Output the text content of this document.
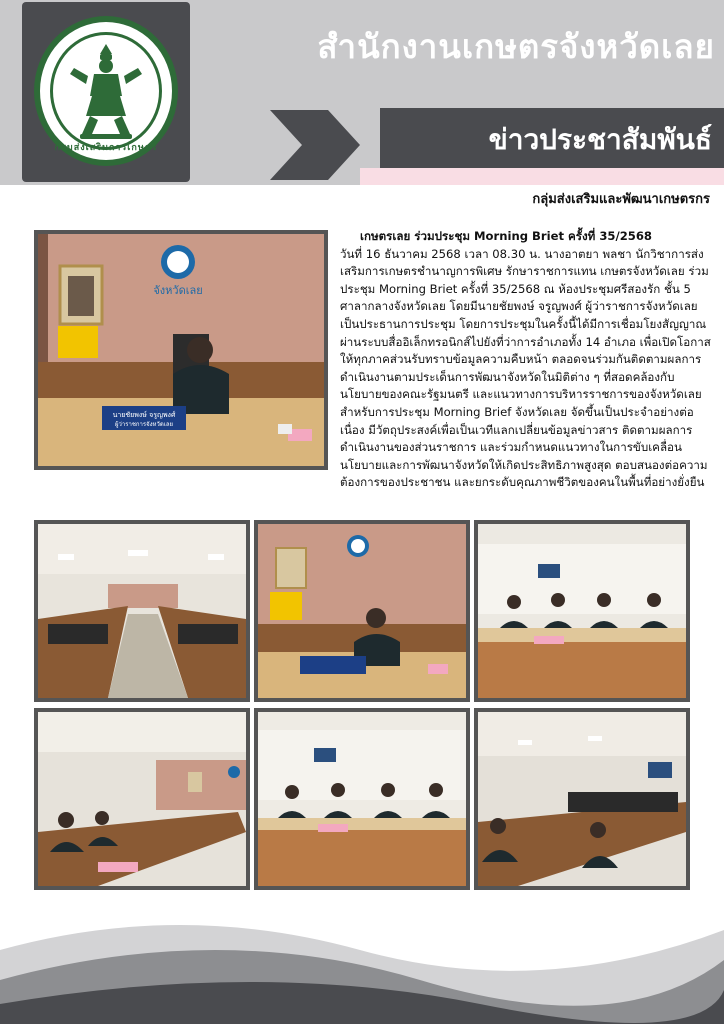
กรมส่งเสริมการเกษตร
สำนักงานเกษตรจังหวัดเลย
ข่าวประชาสัมพันธ์
กลุ่มส่งเสริมและพัฒนาเกษตรกร
จังหวัดเลย
นายชัยพงษ์ จรูญพงศ์
ผู้ว่าราชการจังหวัดเลย
เกษตรเลย ร่วมประชุม Morning Briet ครั้งที่ 35/2568
วันที่ 16 ธันวาคม 2568 เวลา 08.30 น. นางอาตยา พลชา นักวิชาการส่งเสริมการเกษตรชำนาญการพิเศษ รักษาราชการแทน เกษตรจังหวัดเลย ร่วมประชุม Morning Briet ครั้งที่ 35/2568 ณ ห้องประชุมศรีสองรัก ชั้น 5 ศาลากลางจังหวัดเลย โดยมีนายชัยพงษ์ จรูญพงศ์ ผู้ว่าราชการจังหวัดเลย เป็นประธานการประชุม โดยการประชุมในครั้งนี้ได้มีการเชื่อมโยงสัญญาณผ่านระบบสื่ออิเล็กทรอนิกส์ไปยังที่ว่าการอำเภอทั้ง 14 อำเภอ เพื่อเปิดโอกาสให้ทุกภาคส่วนรับทราบข้อมูลความคืบหน้า ตลอดจนร่วมกันติดตามผลการดำเนินงานตามประเด็นการพัฒนาจังหวัดในมิติต่าง ๆ ที่สอดคล้องกับนโยบายของคณะรัฐมนตรี และแนวทางการบริหารราชการของจังหวัดเลย สำหรับการประชุม Morning Brief จังหวัดเลย จัดขึ้นเป็นประจำอย่างต่อเนื่อง มีวัตถุประสงค์เพื่อเป็นเวทีแลกเปลี่ยนข้อมูลข่าวสาร ติดตามผลการดำเนินงานของส่วนราชการ และร่วมกำหนดแนวทางในการขับเคลื่อนนโยบายและการพัฒนาจังหวัดให้เกิดประสิทธิภาพสูงสุด ตอบสนองต่อความต้องการของประชาชน และยกระดับคุณภาพชีวิตของคนในพื้นที่อย่างยั่งยืน
